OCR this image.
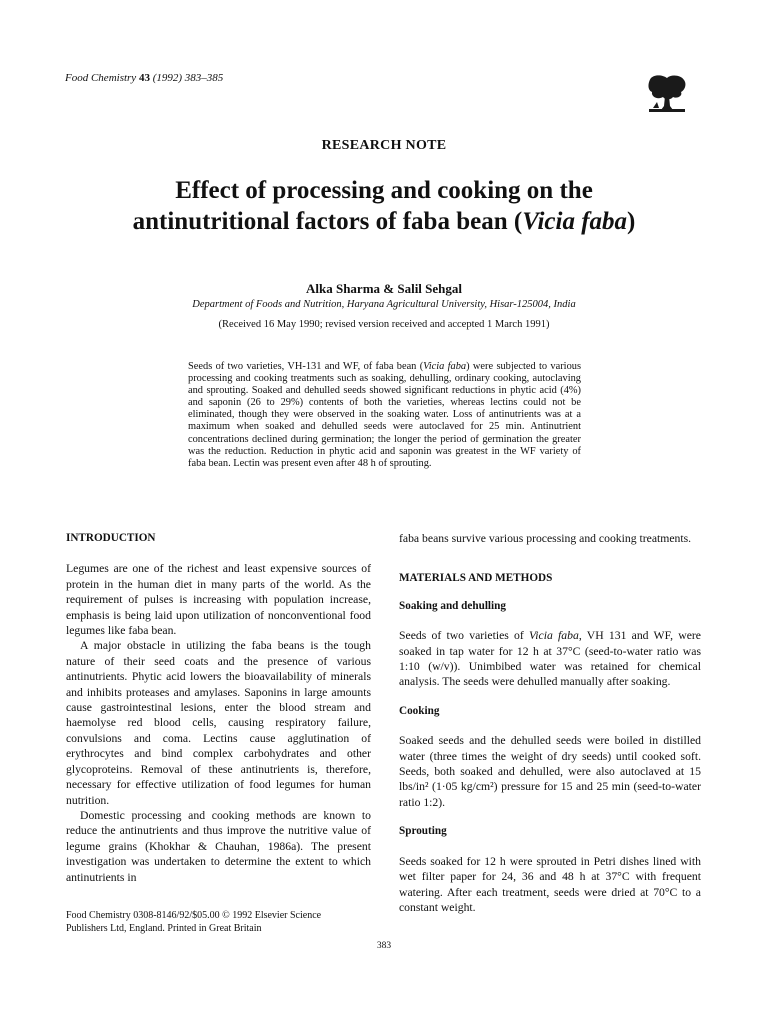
Food Chemistry 43 (1992) 383–385
RESEARCH NOTE
Effect of processing and cooking on the
antinutritional factors of faba bean (Vicia faba)
Alka Sharma & Salil Sehgal
Department of Foods and Nutrition, Haryana Agricultural University, Hisar-125004, India
(Received 16 May 1990; revised version received and accepted 1 March 1991)
Seeds of two varieties, VH-131 and WF, of faba bean (Vicia faba) were subjected to various processing and cooking treatments such as soaking, dehulling, ordinary cooking, autoclaving and sprouting. Soaked and dehulled seeds showed significant reductions in phytic acid (4%) and saponin (26 to 29%) contents of both the varieties, whereas lectins could not be eliminated, though they were observed in the soaking water. Loss of antinutrients was at a maximum when soaked and dehulled seeds were autoclaved for 25 min. Antinutrient concentrations declined during germination; the longer the period of germination the greater was the reduction. Reduction in phytic acid and saponin was greatest in the WF variety of faba bean. Lectin was present even after 48 h of sprouting.
INTRODUCTION

Legumes are one of the richest and least expensive sources of protein in the human diet in many parts of the world. As the requirement of pulses is increasing with population increase, emphasis is being laid upon utilization of nonconventional food legumes like faba bean.

A major obstacle in utilizing the faba beans is the tough nature of their seed coats and the presence of various antinutrients. Phytic acid lowers the bioavailability of minerals and inhibits proteases and amylases. Saponins in large amounts cause gastrointestinal lesions, enter the blood stream and haemolyse red blood cells, causing respiratory failure, convulsions and coma. Lectins cause agglutination of erythrocytes and bind complex carbohydrates and other glycoproteins. Removal of these antinutrients is, therefore, necessary for effective utilization of food legumes for human nutrition.

Domestic processing and cooking methods are known to reduce the antinutrients and thus improve the nutritive value of legume grains (Khokhar & Chauhan, 1986a). The present investigation was undertaken to determine the extent to which antinutrients in

Food Chemistry 0308-8146/92/$05.00 © 1992 Elsevier Science
Publishers Ltd, England. Printed in Great Britain

faba beans survive various processing and cooking treatments.

MATERIALS AND METHODS
Soaking and dehulling

Seeds of two varieties of Vicia faba, VH 131 and WF, were soaked in tap water for 12 h at 37°C (seed-to-water ratio was 1:10 (w/v)). Unimbibed water was retained for chemical analysis. The seeds were dehulled manually after soaking.

Cooking

Soaked seeds and the dehulled seeds were boiled in distilled water (three times the weight of dry seeds) until cooked soft. Seeds, both soaked and dehulled, were also autoclaved at 15 lbs/in² (1·05 kg/cm²) pressure for 15 and 25 min (seed-to-water ratio 1:2).

Sprouting

Seeds soaked for 12 h were sprouted in Petri dishes lined with wet filter paper for 24, 36 and 48 h at 37°C with frequent watering. After each treatment, seeds were dried at 70°C to a constant weight.

383
